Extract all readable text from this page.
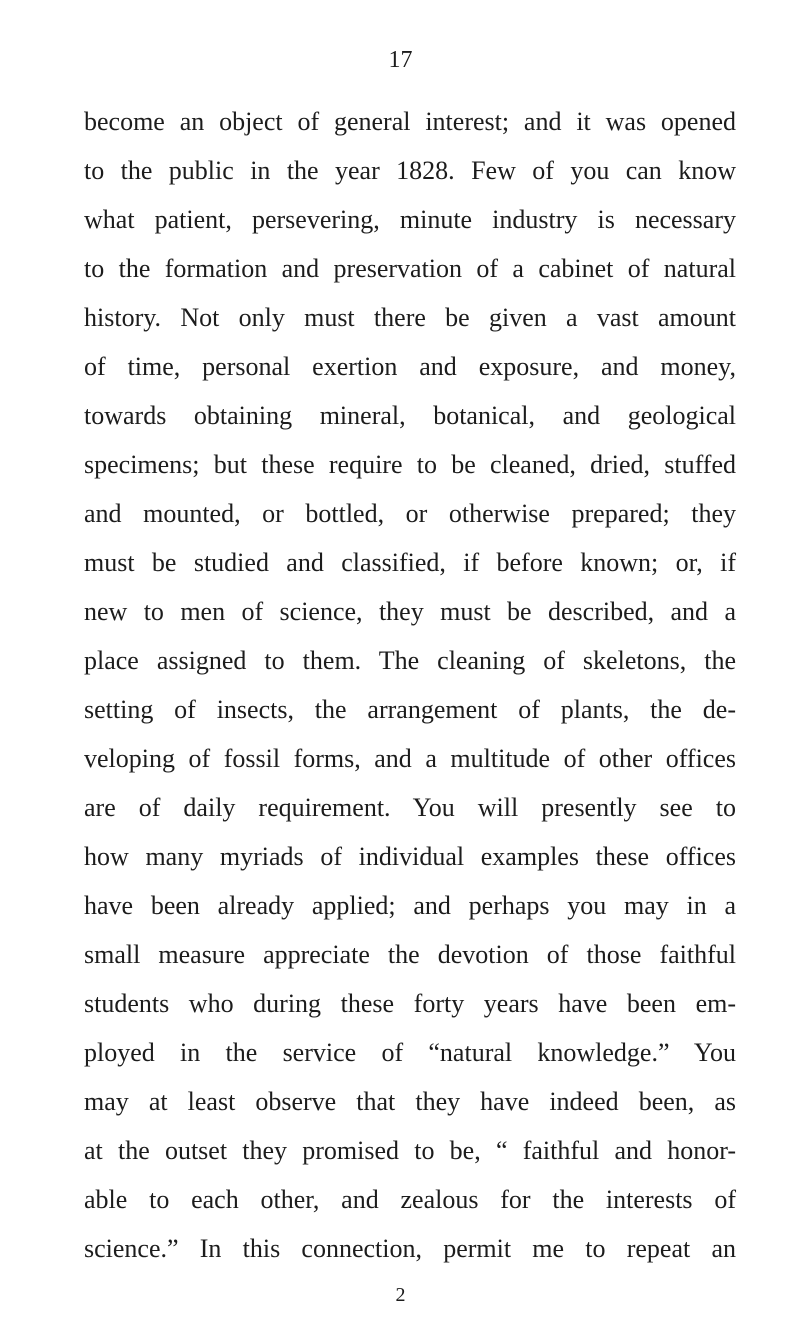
17
become an object of general interest; and it was opened
to the public in the year 1828. Few of you can know
what patient, persevering, minute industry is necessary
to the formation and preservation of a cabinet of natural
history. Not only must there be given a vast amount
of time, personal exertion and exposure, and money,
towards obtaining mineral, botanical, and geological
specimens; but these require to be cleaned, dried, stuffed
and mounted, or bottled, or otherwise prepared; they
must be studied and classified, if before known; or, if
new to men of science, they must be described, and a
place assigned to them. The cleaning of skeletons, the
setting of insects, the arrangement of plants, the de-
veloping of fossil forms, and a multitude of other offices
are of daily requirement. You will presently see to
how many myriads of individual examples these offices
have been already applied; and perhaps you may in a
small measure appreciate the devotion of those faithful
students who during these forty years have been em-
ployed in the service of “natural knowledge.” You
may at least observe that they have indeed been, as
at the outset they promised to be, “ faithful and honor-
able to each other, and zealous for the interests of
science.” In this connection, permit me to repeat an
2
